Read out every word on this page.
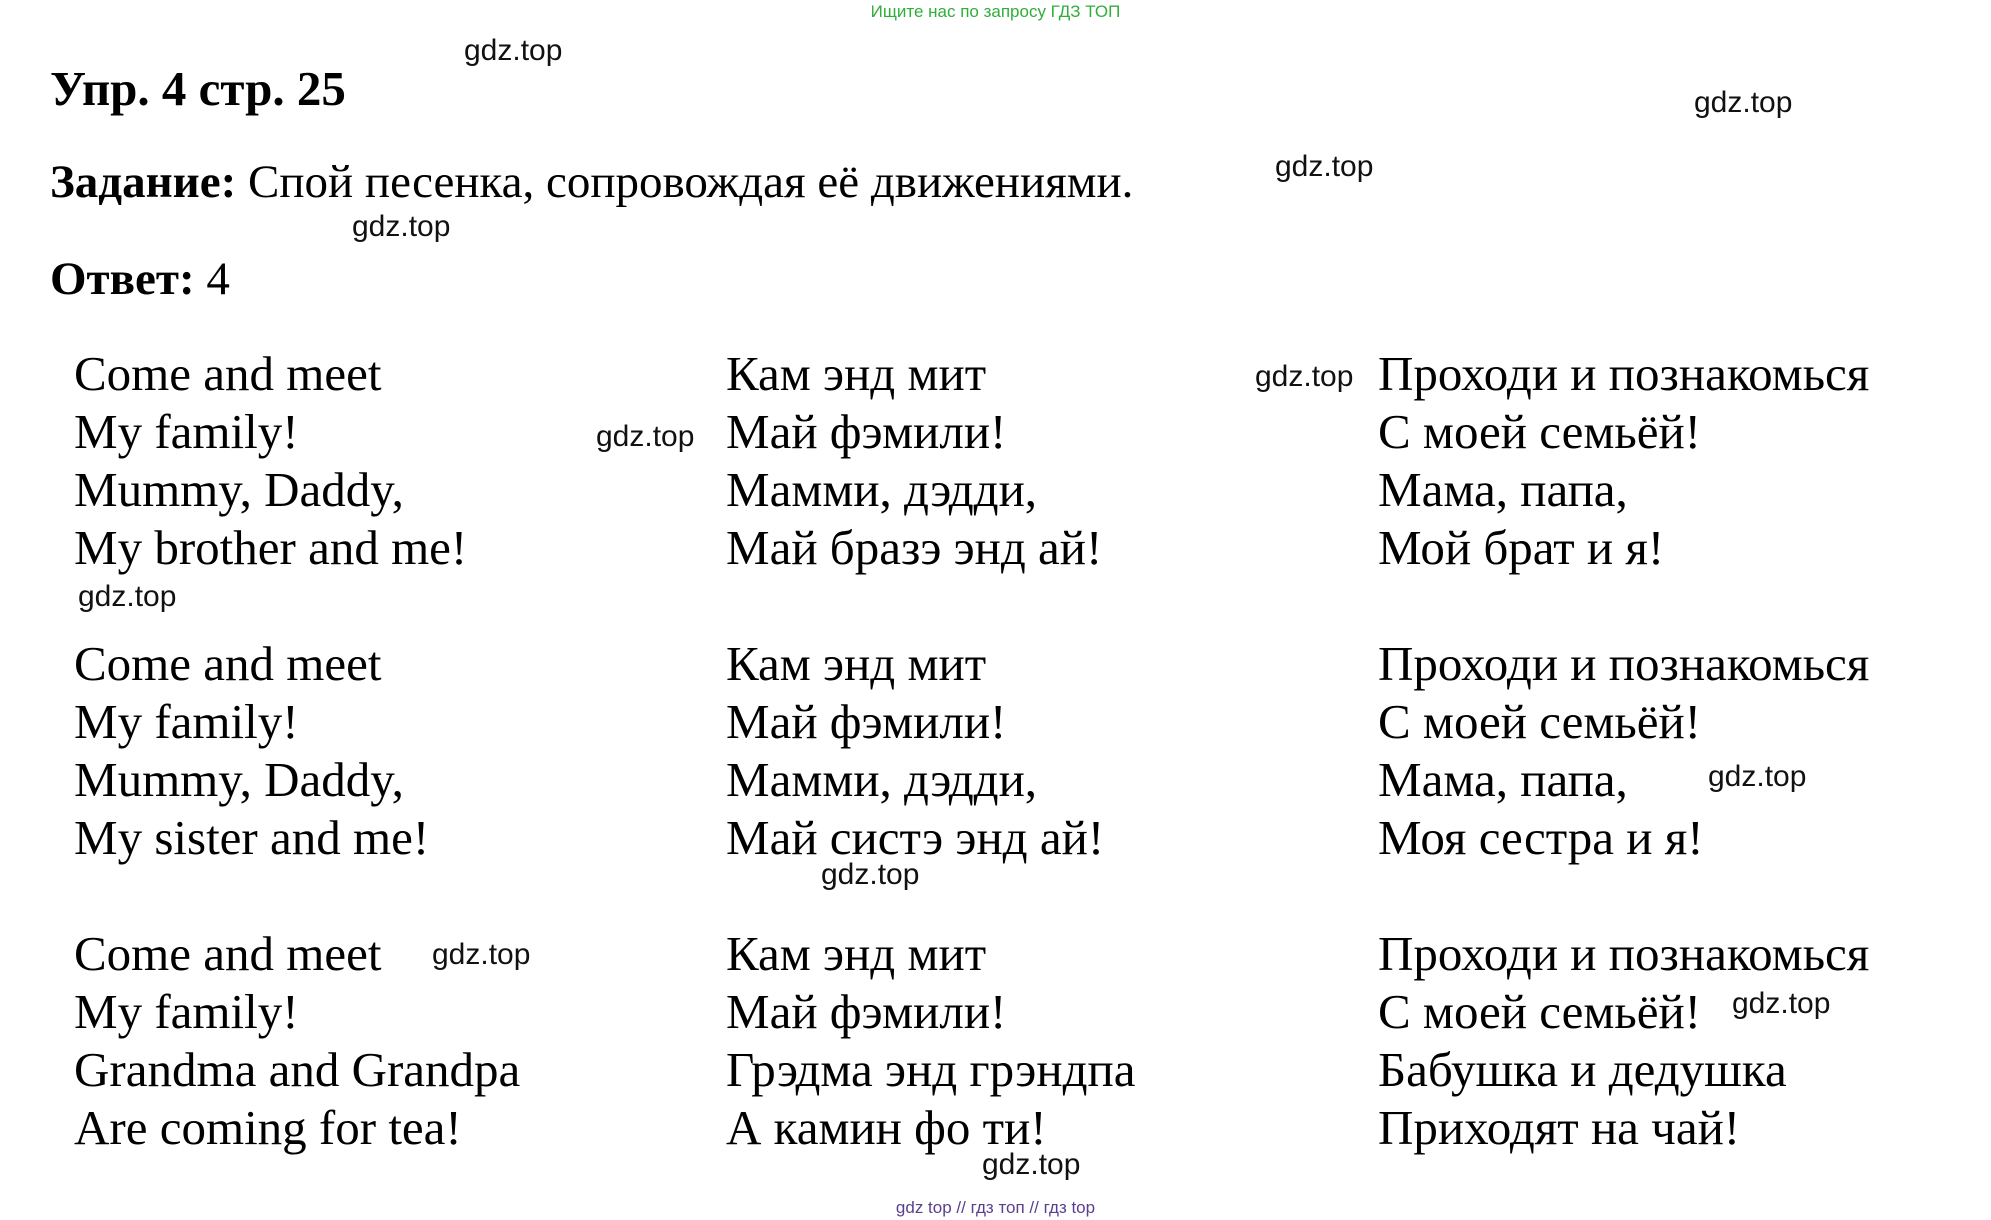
Ищите нас по запросу ГДЗ ТОП
Упр. 4 стр. 25
Задание: Спой песенка, сопровождая её движениями.
Ответ: 4
Come and meet
My family!
Mummy, Daddy,
My brother and me!
Come and meet
My family!
Mummy, Daddy,
My sister and me!
Come and meet
My family!
Grandma and Grandpa
Are coming for tea!
Кам энд мит
Май фэмили!
Мамми, дэдди,
Май бразэ энд ай!
Кам энд мит
Май фэмили!
Мамми, дэдди,
Май систэ энд ай!
Кам энд мит
Май фэмили!
Грэдма энд грэндпа
А камин фо ти!
Проходи и познакомься
С моей семьёй!
Мама, папа,
Мой брат и я!
Проходи и познакомься
С моей семьёй!
Мама, папа,
Моя сестра и я!
Проходи и познакомься
С моей семьёй!
Бабушка и дедушка
Приходят на чай!
gdz.top
gdz.top
gdz.top
gdz.top
gdz.top
gdz.top
gdz.top
gdz.top
gdz.top
gdz.top
gdz.top
gdz.top
gdz top // гдз топ // гдз top
